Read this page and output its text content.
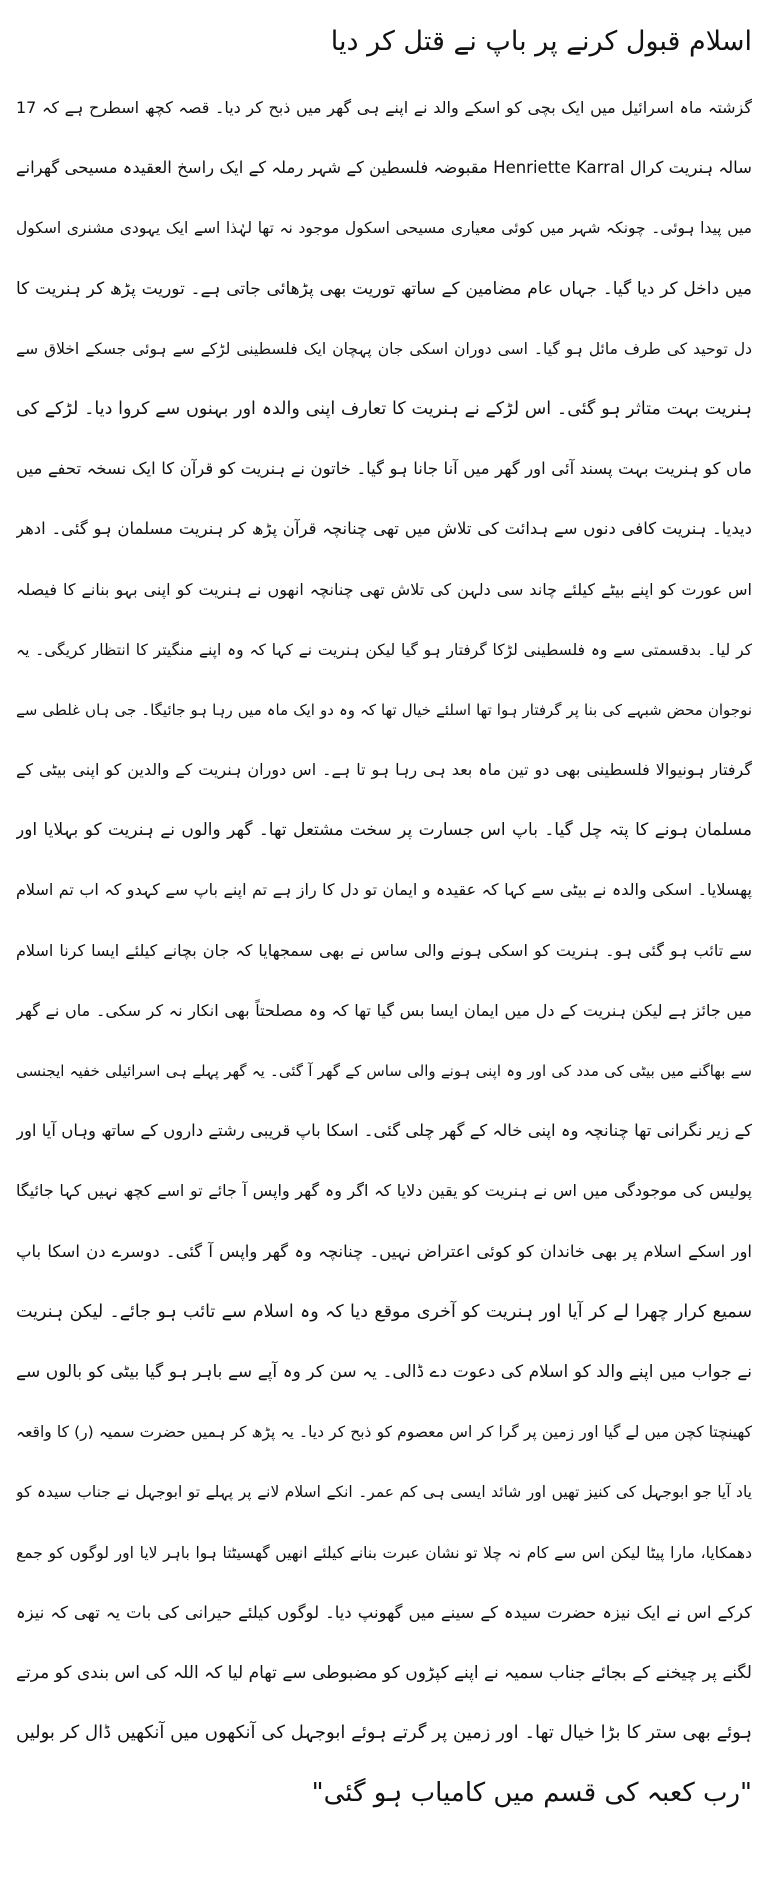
اسلام قبول کرنے پر باپ نے قتل کر دیا
گزشتہ ماہ اسرائیل میں ایک بچی کو اسکے والد نے اپنے ہی گھر میں ذبح کر دیا۔ قصہ کچھ اسطرح ہے کہ 17
سالہ ہنریت کرال Henriette Karral مقبوضہ فلسطین کے شہر رملہ کے ایک راسخ العقیدہ مسیحی گھرانے
میں پیدا ہوئی۔ چونکہ شہر میں کوئی معیاری مسیحی اسکول موجود نہ تھا لہٰذا اسے ایک یہودی مشنری اسکول
میں داخل کر دیا گیا۔ جہاں عام مضامین کے ساتھ توریت بھی پڑھائی جاتی ہے۔ توریت پڑھ کر ہنریت کا
دل توحید کی طرف مائل ہو گیا۔ اسی دوران اسکی جان پہچان ایک فلسطینی لڑکے سے ہوئی جسکے اخلاق سے
ہنریت بہت متاثر ہو گئی۔ اس لڑکے نے ہنریت کا تعارف اپنی والدہ اور بہنوں سے کروا دیا۔ لڑکے کی
ماں کو ہنریت بہت پسند آئی اور گھر میں آنا جانا ہو گیا۔ خاتون نے ہنریت کو قرآن کا ایک نسخہ تحفے میں
دیدیا۔ ہنریت کافی دنوں سے ہدائت کی تلاش میں تھی چنانچہ قرآن پڑھ کر ہنریت مسلمان ہو گئی۔ ادھر
اس عورت کو اپنے بیٹے کیلئے چاند سی دلہن کی تلاش تھی چنانچہ انھوں نے ہنریت کو اپنی بہو بنانے کا فیصلہ
کر لیا۔ بدقسمتی سے وہ فلسطینی لڑکا گرفتار ہو گیا لیکن ہنریت نے کہا کہ وہ اپنے منگیتر کا انتظار کریگی۔ یہ
نوجوان محض شبہے کی بنا پر گرفتار ہوا تھا اسلئے خیال تھا کہ وہ دو ایک ماہ میں رہا ہو جائیگا۔ جی ہاں غلطی سے
گرفتار ہونیوالا فلسطینی بھی دو تین ماہ بعد ہی رہا ہو تا ہے۔ اس دوران ہنریت کے والدین کو اپنی بیٹی کے
مسلمان ہونے کا پتہ چل گیا۔ باپ اس جسارت پر سخت مشتعل تھا۔ گھر والوں نے ہنریت کو بہلایا اور
پھسلایا۔ اسکی والدہ نے بیٹی سے کہا کہ عقیدہ و ایمان تو دل کا راز ہے تم اپنے باپ سے کہدو کہ اب تم اسلام
سے تائب ہو گئی ہو۔ ہنریت کو اسکی ہونے والی ساس نے بھی سمجھایا کہ جان بچانے کیلئے ایسا کرنا اسلام
میں جائز ہے لیکن ہنریت کے دل میں ایمان ایسا بس گیا تھا کہ وہ مصلحتاً بھی انکار نہ کر سکی۔ ماں نے گھر
سے بھاگنے میں بیٹی کی مدد کی اور وہ اپنی ہونے والی ساس کے گھر آ گئی۔ یہ گھر پہلے ہی اسرائیلی خفیہ ایجنسی
کے زیر نگرانی تھا چنانچہ وہ اپنی خالہ کے گھر چلی گئی۔ اسکا باپ قریبی رشتے داروں کے ساتھ وہاں آیا اور
پولیس کی موجودگی میں اس نے ہنریت کو یقین دلایا کہ اگر وہ گھر واپس آ جائے تو اسے کچھ نہیں کہا جائیگا
اور اسکے اسلام پر بھی خاندان کو کوئی اعتراض نہیں۔ چنانچہ وہ گھر واپس آ گئی۔ دوسرے دن اسکا باپ
سمیع کرار چھرا لے کر آیا اور ہنریت کو آخری موقع دیا کہ وہ اسلام سے تائب ہو جائے۔ لیکن ہنریت
نے جواب میں اپنے والد کو اسلام کی دعوت دے ڈالی۔ یہ سن کر وہ آپے سے باہر ہو گیا بیٹی کو بالوں سے
کھینچتا کچن میں لے گیا اور زمین پر گرا کر اس معصوم کو ذبح کر دیا۔ یہ پڑھ کر ہمیں حضرت سمیہ (ر) کا واقعہ
یاد آیا جو ابوجہل کی کنیز تھیں اور شائد ایسی ہی کم عمر۔ انکے اسلام لانے پر پہلے تو ابوجہل نے جناب سیدہ کو
دھمکایا، مارا پیٹا لیکن اس سے کام نہ چلا تو نشان عبرت بنانے کیلئے انھیں گھسیٹتا ہوا باہر لایا اور لوگوں کو جمع
کرکے اس نے ایک نیزہ حضرت سیدہ کے سینے میں گھونپ دیا۔ لوگوں کیلئے حیرانی کی بات یہ تھی کہ نیزہ
لگنے پر چیخنے کے بجائے جناب سمیہ نے اپنے کپڑوں کو مضبوطی سے تھام لیا کہ اللہ کی اس بندی کو مرتے
ہوئے بھی ستر کا بڑا خیال تھا۔ اور زمین پر گرتے ہوئے ابوجہل کی آنکھوں میں آنکھیں ڈال کر بولیں
"رب کعبہ کی قسم میں کامیاب ہو گئی"
